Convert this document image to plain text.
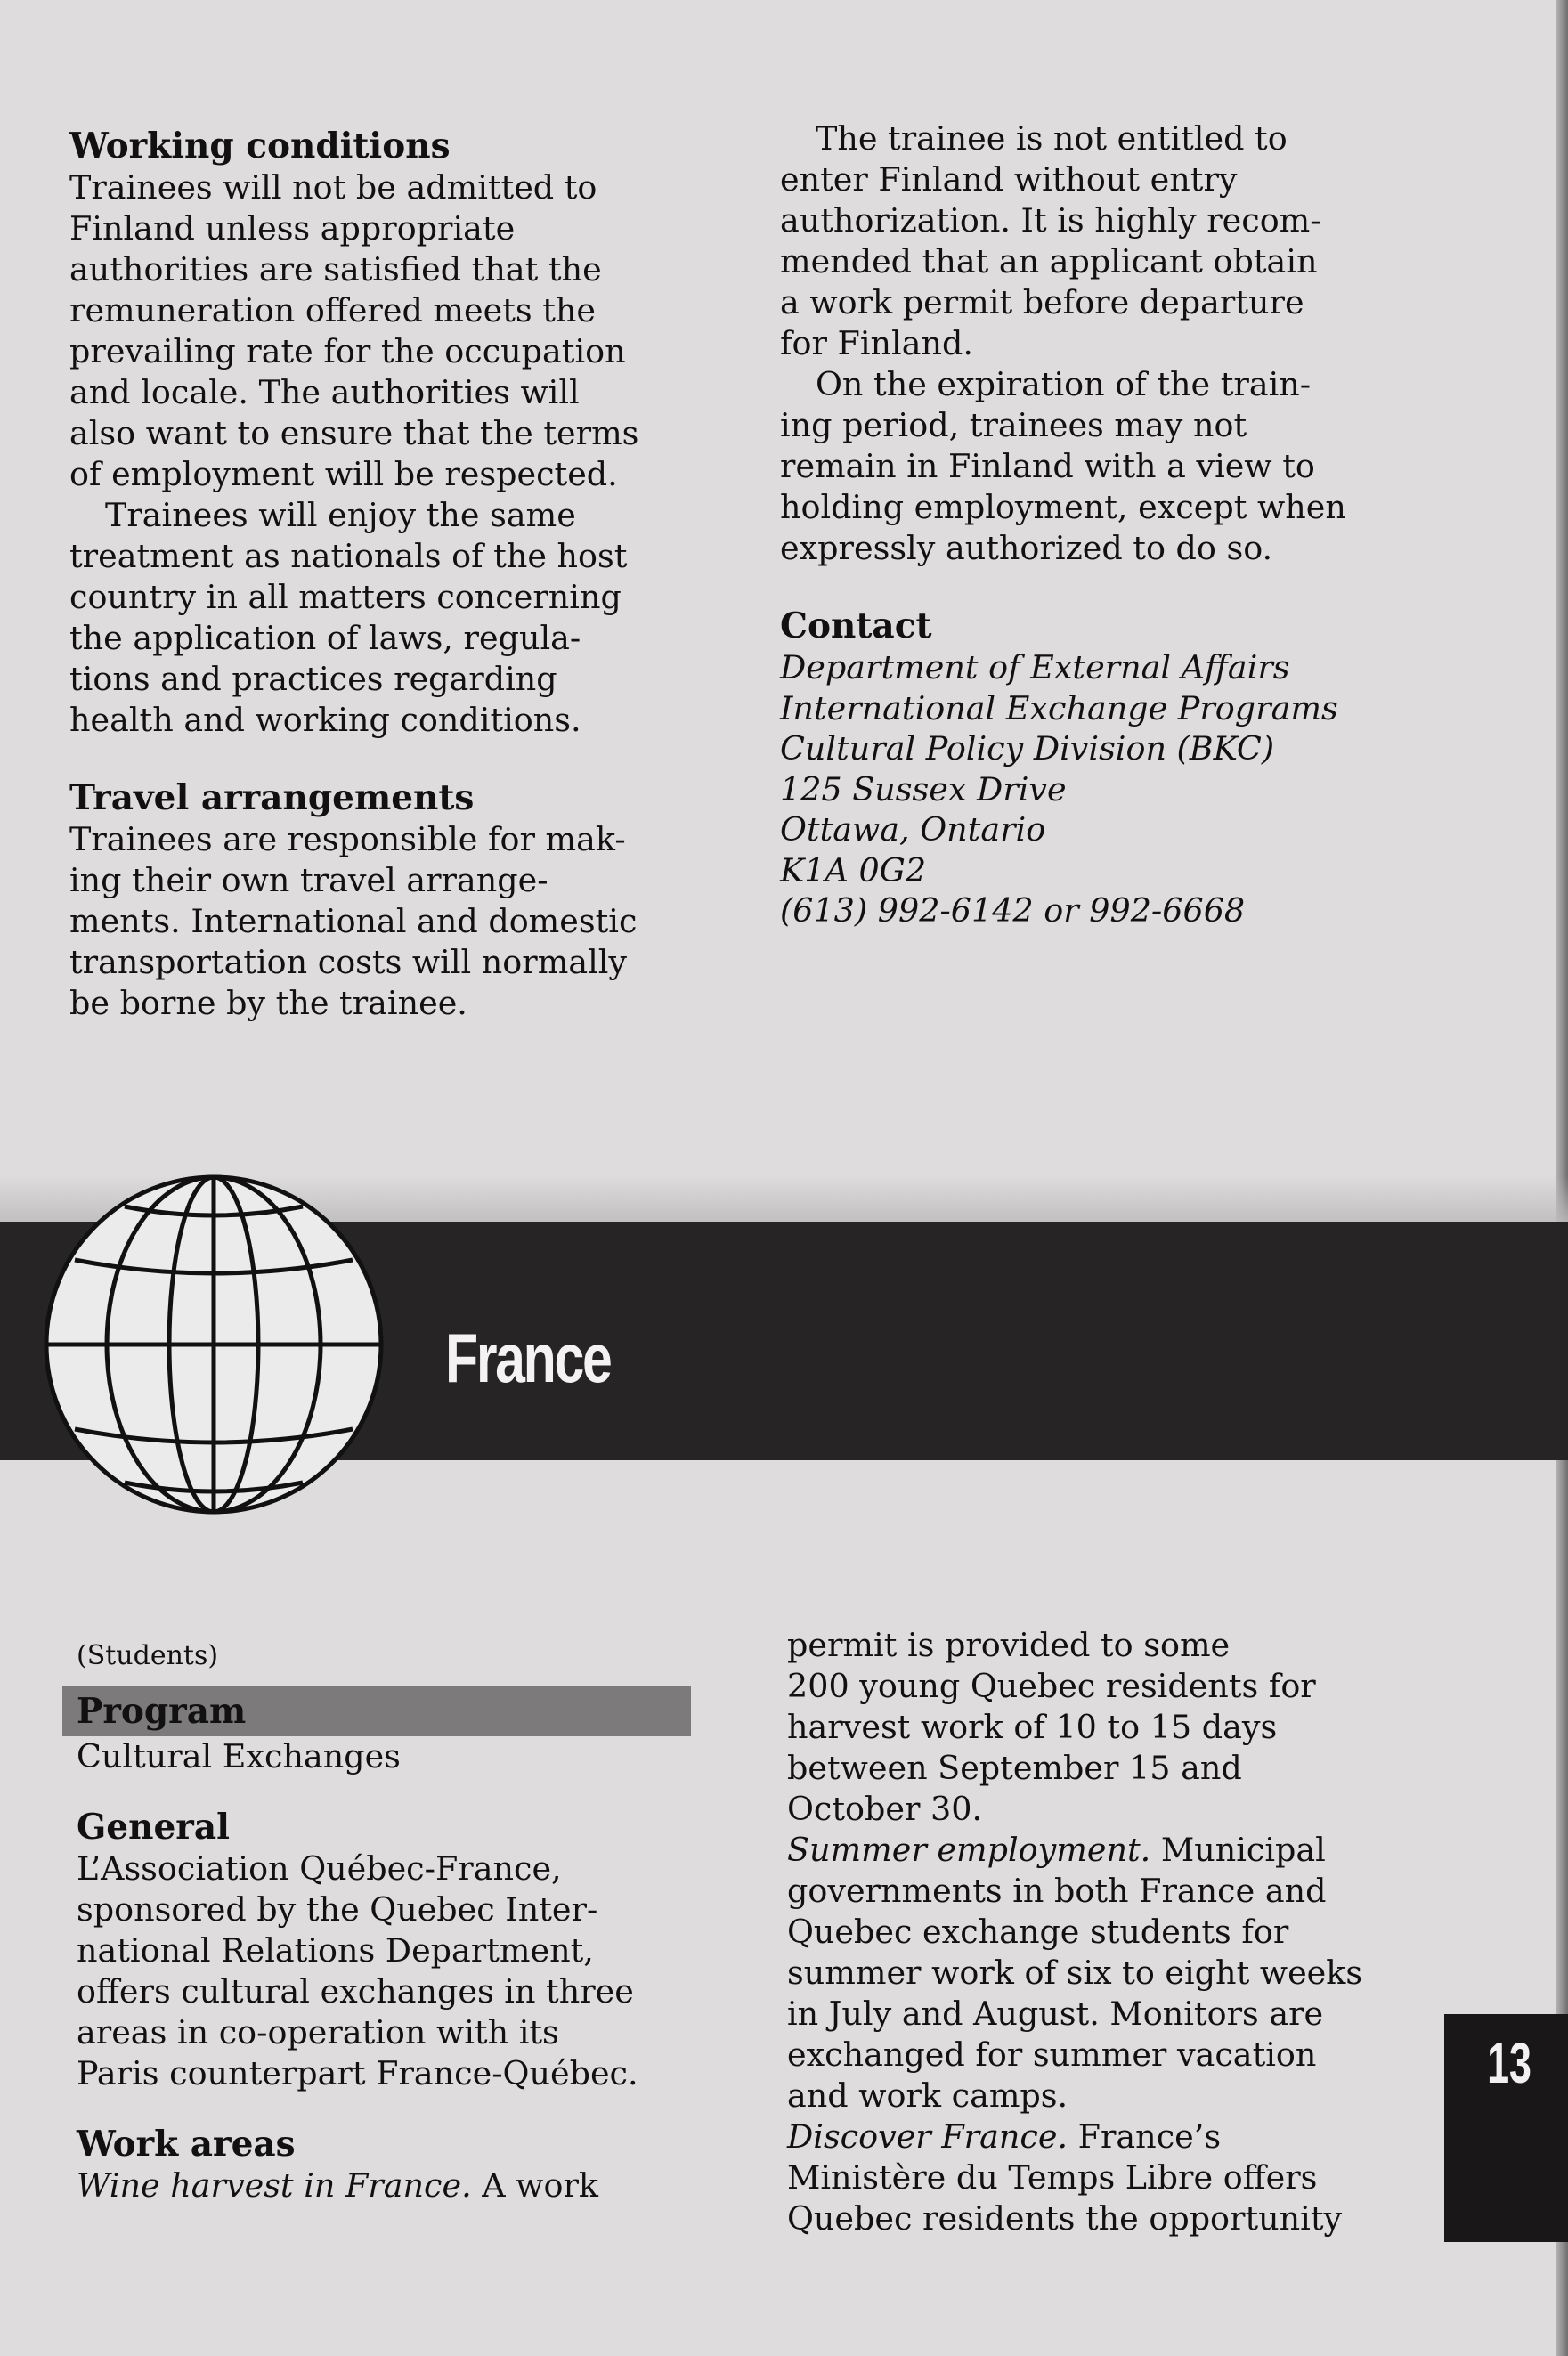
Working conditions

Trainees will not be admitted to

Finland unless appropriate

authorities are satisfied that the

remuneration offered meets the

prevailing rate for the occupation

and locale. The authorities will

also want to ensure that the terms

of employment will be respected.

Trainees will enjoy the same

treatment as nationals of the host

country in all matters concerning

the application of laws, regula-

tions and practices regarding

health and working conditions.

Travel arrangements

Trainees are responsible for mak-

ing their own travel arrange-

ments. International and domestic

transportation costs will normally

be borne by the trainee.

The trainee is not entitled to

enter Finland without entry

authorization. It is highly recom-

mended that an applicant obtain

a work permit before departure

for Finland.

On the expiration of the train-

ing period, trainees may not

remain in Finland with a view to

holding employment, except when

expressly authorized to do so.

Contact

Department of External Affairs

International Exchange Programs

Cultural Policy Division (BKC)

125 Sussex Drive

Ottawa, Ontario

K1A 0G2

(613) 992-6142 or 992-6668

France

(Students)

Program

Cultural Exchanges

General

L’Association Québec-France,

sponsored by the Quebec Inter-

national Relations Department,

offers cultural exchanges in three

areas in co-operation with its

Paris counterpart France-Québec.

Work areas

Wine harvest in France. A work

permit is provided to some

200 young Quebec residents for

harvest work of 10 to 15 days

between September 15 and

October 30.

Summer employment. Municipal

governments in both France and

Quebec exchange students for

summer work of six to eight weeks

in July and August. Monitors are

exchanged for summer vacation

and work camps.

Discover France. France’s

Ministère du Temps Libre offers

Quebec residents the opportunity

13
